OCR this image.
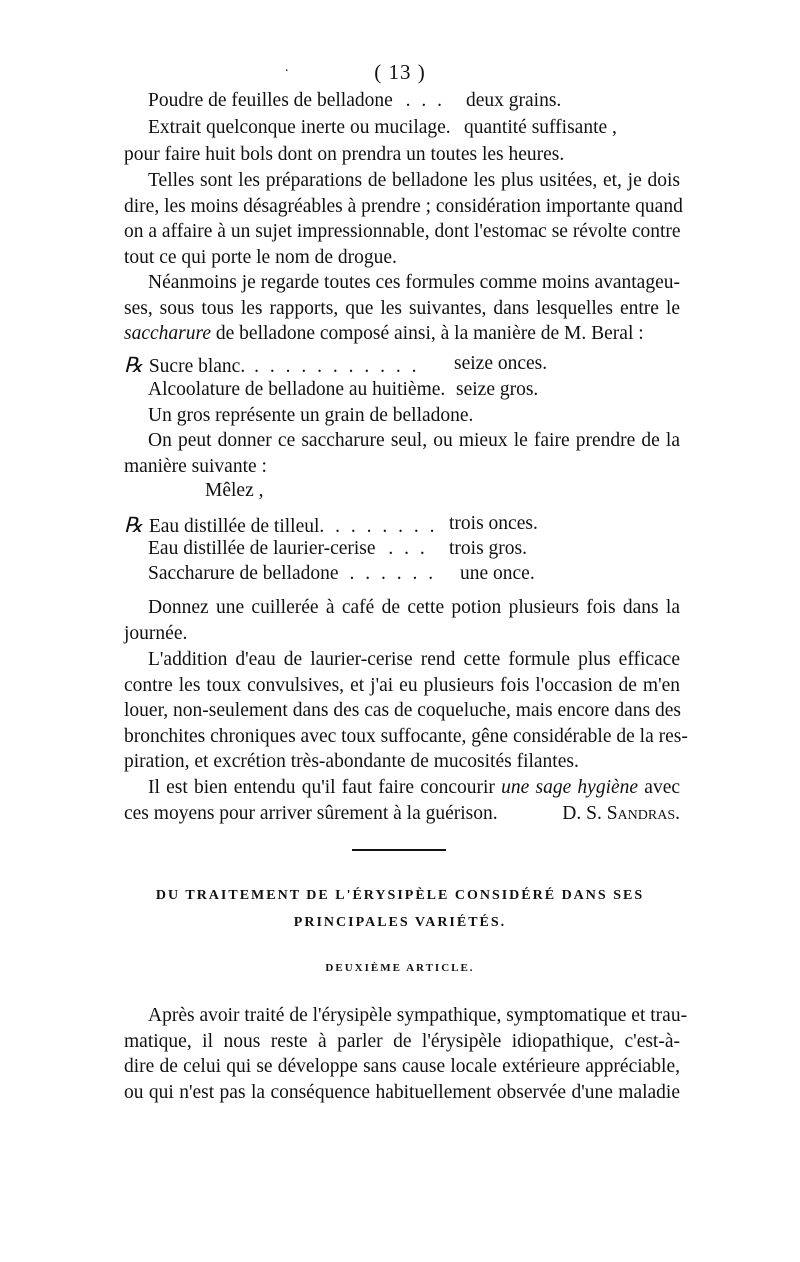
.	( 13 )
Poudre de feuilles de belladone . . . deux grains.
Extrait quelconque inerte ou mucilage. quantité suffisante ,
pour faire huit bols dont on prendra un toutes les heures.
Telles sont les préparations de belladone les plus usitées, et, je dois
dire, les moins désagréables à prendre ; considération importante quand
on a affaire à un sujet impressionnable, dont l'estomac se révolte contre
tout ce qui porte le nom de drogue.
Néanmoins je regarde toutes ces formules comme moins avantageu-
ses, sous tous les rapports, que les suivantes, dans lesquelles entre le
saccharure de belladone composé ainsi, à la manière de M. Beral :
℞ Sucre blanc. . . . . . . . . . . . seize onces.
Alcoolature de belladone au huitième. seize gros.
Un gros représente un grain de belladone.
On peut donner ce saccharure seul, ou mieux le faire prendre de la
manière suivante :
Mêlez ,
℞ Eau distillée de tilleul. . . . . . . . trois onces.
Eau distillée de laurier-cerise . . . trois gros.
Saccharure de belladone . . . . . . une once.
Donnez une cuillerée à café de cette potion plusieurs fois dans la
journée.
L'addition d'eau de laurier-cerise rend cette formule plus efficace
contre les toux convulsives, et j'ai eu plusieurs fois l'occasion de m'en
louer, non-seulement dans des cas de coqueluche, mais encore dans des
bronchites chroniques avec toux suffocante, gêne considérable de la res-
piration, et excrétion très-abondante de mucosités filantes.
Il est bien entendu qu'il faut faire concourir une sage hygiène avec
ces moyens pour arriver sûrement à la guérison.	D. S. Sandras.
DU TRAITEMENT DE L'ÉRYSIPÈLE CONSIDÉRÉ DANS SES
PRINCIPALES VARIÉTÉS.
DEUXIÈME ARTICLE.
Après avoir traité de l'érysipèle sympathique, symptomatique et trau-
matique, il nous reste à parler de l'érysipèle idiopathique, c'est-à-
dire de celui qui se développe sans cause locale extérieure appréciable,
ou qui n'est pas la conséquence habituellement observée d'une maladie
